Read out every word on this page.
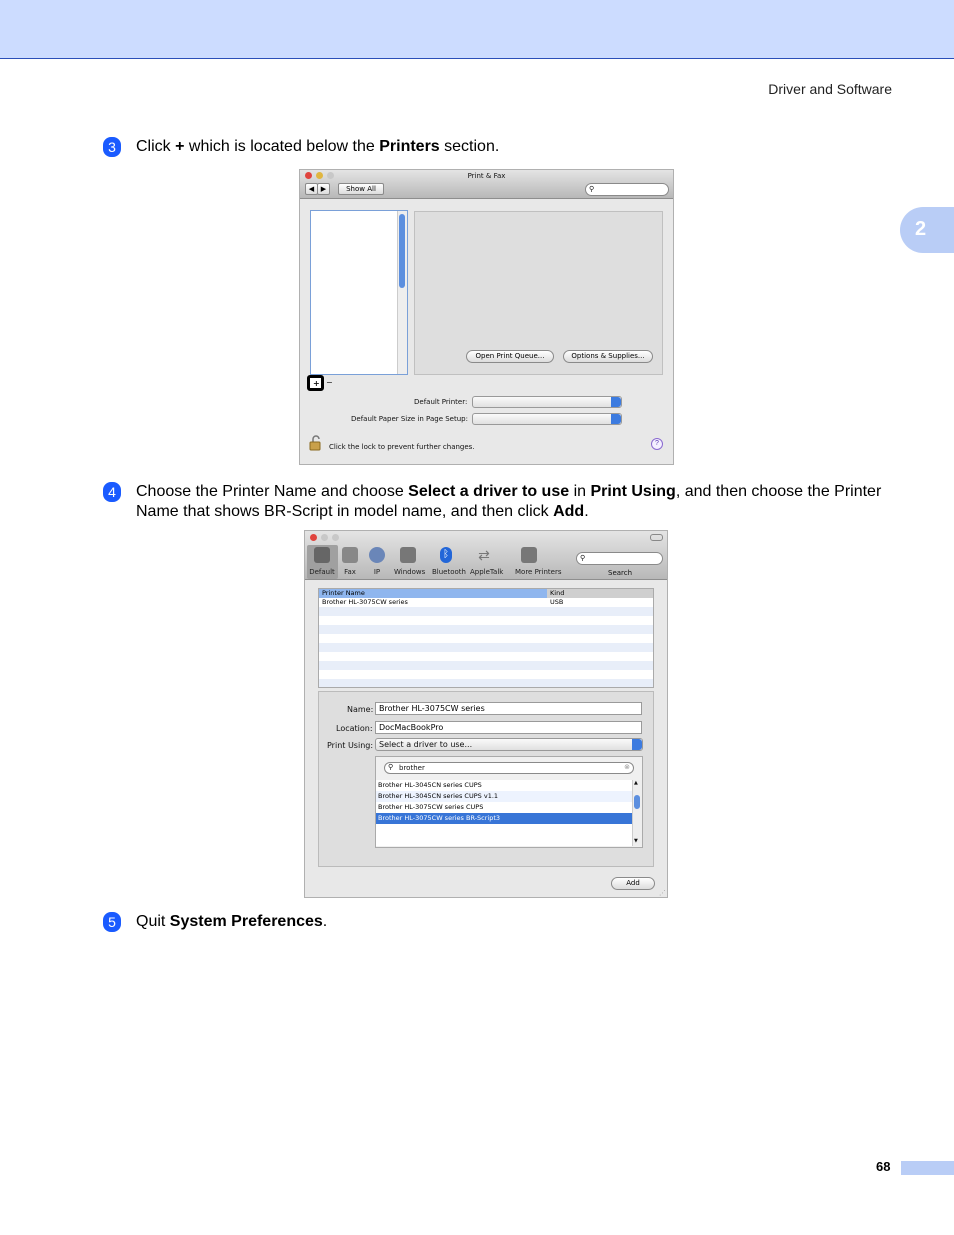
Driver and Software
2
3	Click + which is located below the Printers section.
Print & Fax
◀ ▶	Show All	⚲
Open Print Queue...	Options & Supplies...
+ −
Default Printer:
Default Paper Size in Page Setup:
Click the lock to prevent further changes.	?
4	Choose the Printer Name and choose Select a driver to use in Print Using, and then choose the Printer Name that shows BR-Script in model name, and then click Add.
Default	Fax	IP	Windows
ᛒ
Bluetooth
⇄
AppleTalk More Printers
⚲
Search
Printer Name	Kind
Brother HL-3075CW series	USB
Name: Brother HL-3075CW series
Location: DocMacBookPro
Print Using: Select a driver to use...
⚲ brother	⊗
Brother HL-3045CN series CUPS
Brother HL-3045CN series CUPS v1.1
Brother HL-3075CW series CUPS
Brother HL-3075CW series BR-Script3
▲
▼
Add
⋰
5	Quit System Preferences.
68
